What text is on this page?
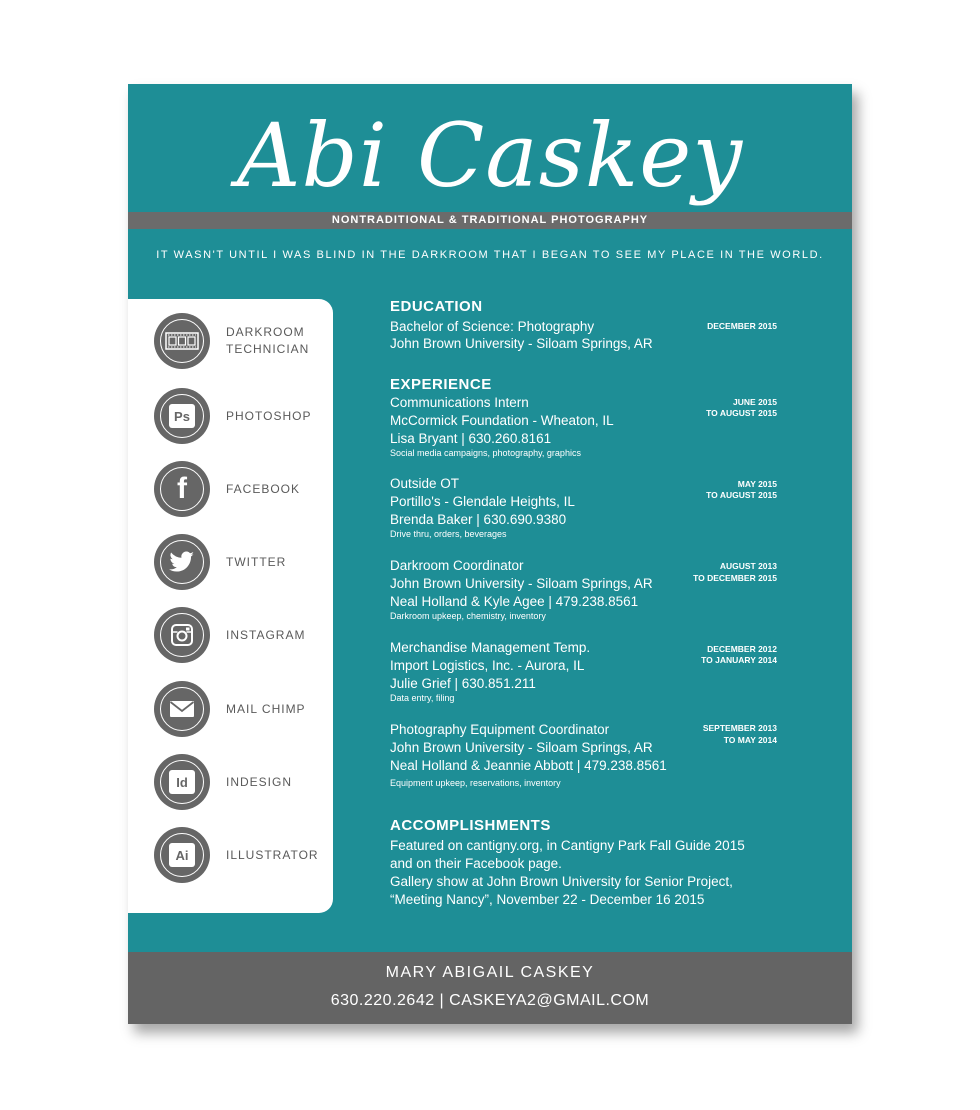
Abi Caskey
NONTRADITIONAL & TRADITIONAL PHOTOGRAPHY
IT WASN'T UNTIL I WAS BLIND IN THE DARKROOM THAT I BEGAN TO SEE MY PLACE IN THE WORLD.
DARKROOM
TECHNICIAN
Ps	PHOTOSHOP
f	FACEBOOK
TWITTER
INSTAGRAM
MAIL CHIMP
Id	INDESIGN
Ai	ILLUSTRATOR
EDUCATION
Bachelor of Science: Photography
John Brown University - Siloam Springs, AR
DECEMBER 2015
EXPERIENCE
Communications Intern
McCormick Foundation - Wheaton, IL
Lisa Bryant | 630.260.8161
Social media campaigns, photography, graphics
JUNE 2015
TO AUGUST 2015
Outside OT
Portillo's - Glendale Heights, IL
Brenda Baker | 630.690.9380
Drive thru, orders, beverages
MAY 2015
TO AUGUST 2015
Darkroom Coordinator
John Brown University - Siloam Springs, AR
Neal Holland & Kyle Agee | 479.238.8561
Darkroom upkeep, chemistry, inventory
AUGUST 2013
TO DECEMBER 2015
Merchandise Management Temp.
Import Logistics, Inc. - Aurora, IL
Julie Grief | 630.851.211
Data entry, filing
DECEMBER 2012
TO JANUARY 2014
Photography Equipment Coordinator
John Brown University - Siloam Springs, AR
Neal Holland & Jeannie Abbott | 479.238.8561
Equipment upkeep, reservations, inventory
SEPTEMBER 2013
TO MAY 2014
ACCOMPLISHMENTS
Featured on cantigny.org, in Cantigny Park Fall Guide 2015
and on their Facebook page.
Gallery show at John Brown University for Senior Project,
“Meeting Nancy”, November 22 - December 16 2015
MARY ABIGAIL CASKEY
630.220.2642 | CASKEYA2@GMAIL.COM
